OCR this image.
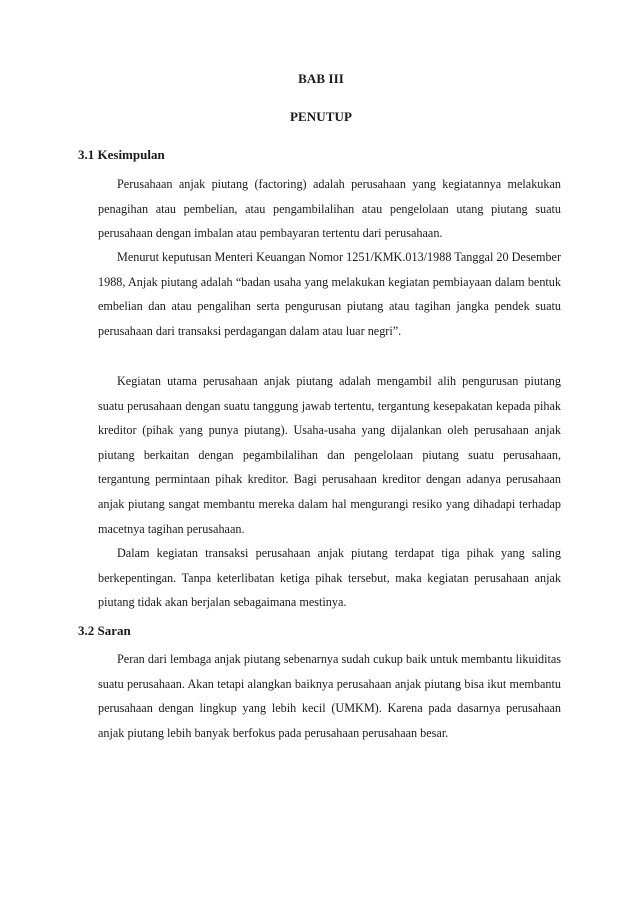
BAB III

PENUTUP

3.1 Kesimpulan

Perusahaan anjak piutang (factoring) adalah perusahaan yang kegiatannya melakukan penagihan atau pembelian, atau pengambilalihan atau pengelolaan utang piutang suatu perusahaan dengan imbalan atau pembayaran tertentu dari perusahaan.

Menurut keputusan Menteri Keuangan Nomor 1251/KMK.013/1988 Tanggal 20 Desember 1988, Anjak piutang adalah “badan usaha yang melakukan kegiatan pembiayaan dalam bentuk embelian dan atau pengalihan serta pengurusan piutang atau tagihan jangka pendek suatu perusahaan dari transaksi perdagangan dalam atau luar negri”.

Kegiatan utama perusahaan anjak piutang adalah mengambil alih pengurusan piutang suatu perusahaan dengan suatu tanggung jawab tertentu, tergantung kesepakatan kepada pihak kreditor (pihak yang punya piutang). Usaha-usaha yang dijalankan oleh perusahaan anjak piutang berkaitan dengan pegambilalihan dan pengelolaan piutang suatu perusahaan, tergantung permintaan pihak kreditor. Bagi perusahaan kreditor dengan adanya perusahaan anjak piutang sangat membantu mereka dalam hal mengurangi resiko yang dihadapi terhadap macetnya tagihan perusahaan.

Dalam kegiatan transaksi perusahaan anjak piutang terdapat tiga pihak yang saling berkepentingan. Tanpa keterlibatan ketiga pihak tersebut, maka kegiatan perusahaan anjak piutang tidak akan berjalan sebagaimana mestinya.

3.2 Saran

Peran dari lembaga anjak piutang sebenarnya sudah cukup baik untuk membantu likuiditas suatu perusahaan. Akan tetapi alangkan baiknya perusahaan anjak piutang bisa ikut membantu perusahaan dengan lingkup yang lebih kecil (UMKM). Karena pada dasarnya perusahaan anjak piutang lebih banyak berfokus pada perusahaan perusahaan besar.
